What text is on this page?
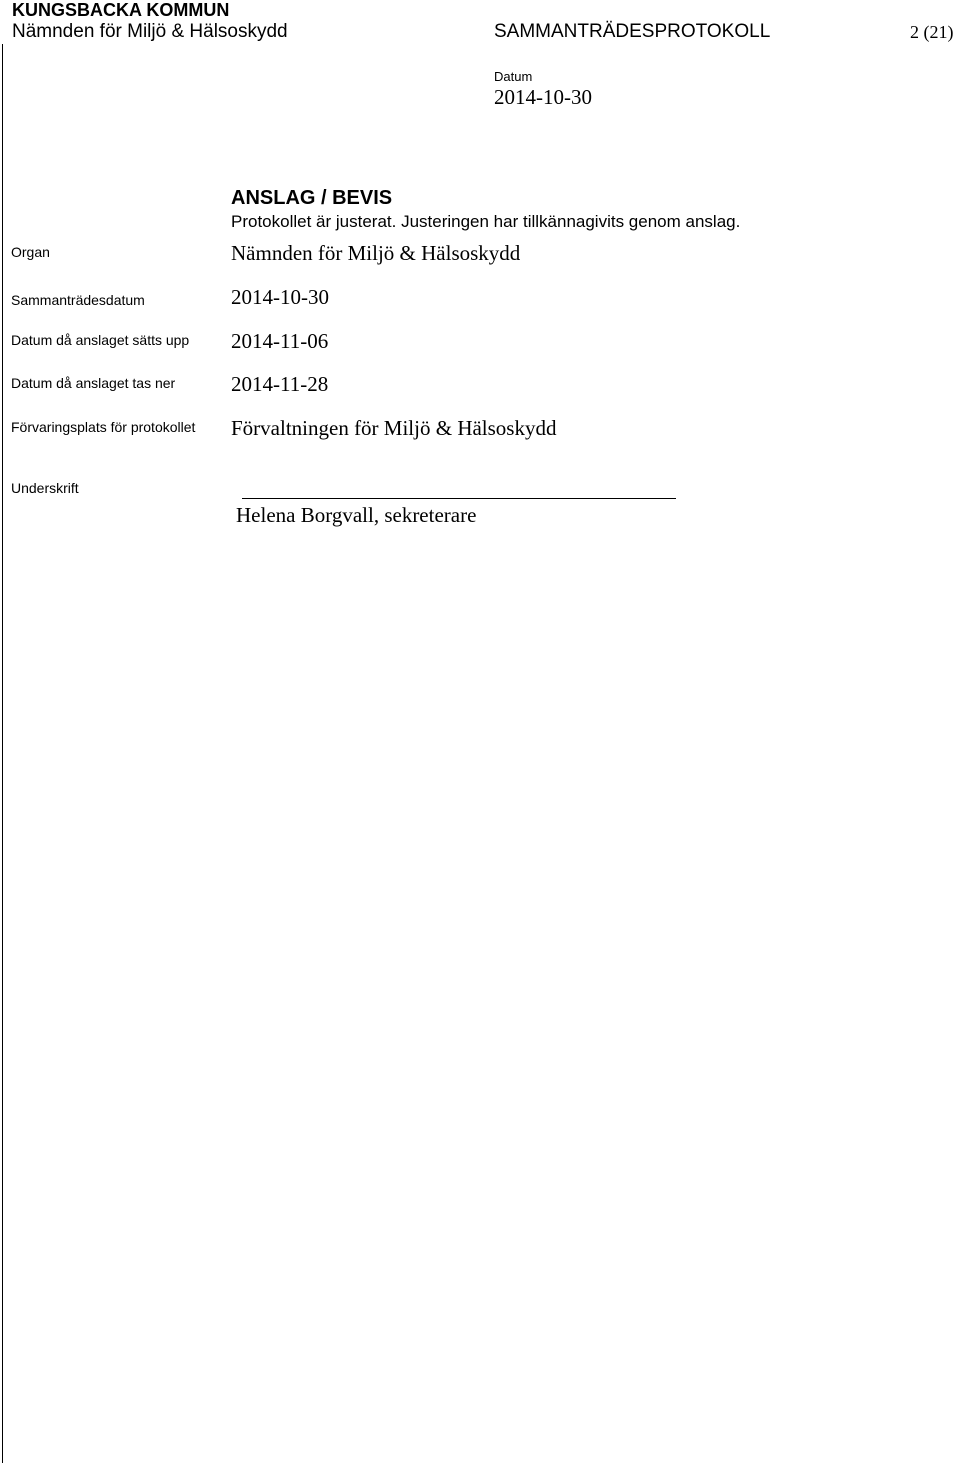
KUNGSBACKA KOMMUN
Nämnden för Miljö & Hälsoskydd	SAMMANTRÄDESPROTOKOLL	2 (21)
Datum
2014-10-30
ANSLAG / BEVIS
Protokollet är justerat. Justeringen har tillkännagivits genom anslag.
Organ	Nämnden för Miljö & Hälsoskydd
Sammanträdesdatum	2014-10-30
Datum då anslaget sätts upp 2014-11-06
Datum då anslaget tas ner	2014-11-28
Förvaringsplats för protokollet Förvaltningen för Miljö & Hälsoskydd
Underskrift
Helena Borgvall, sekreterare
